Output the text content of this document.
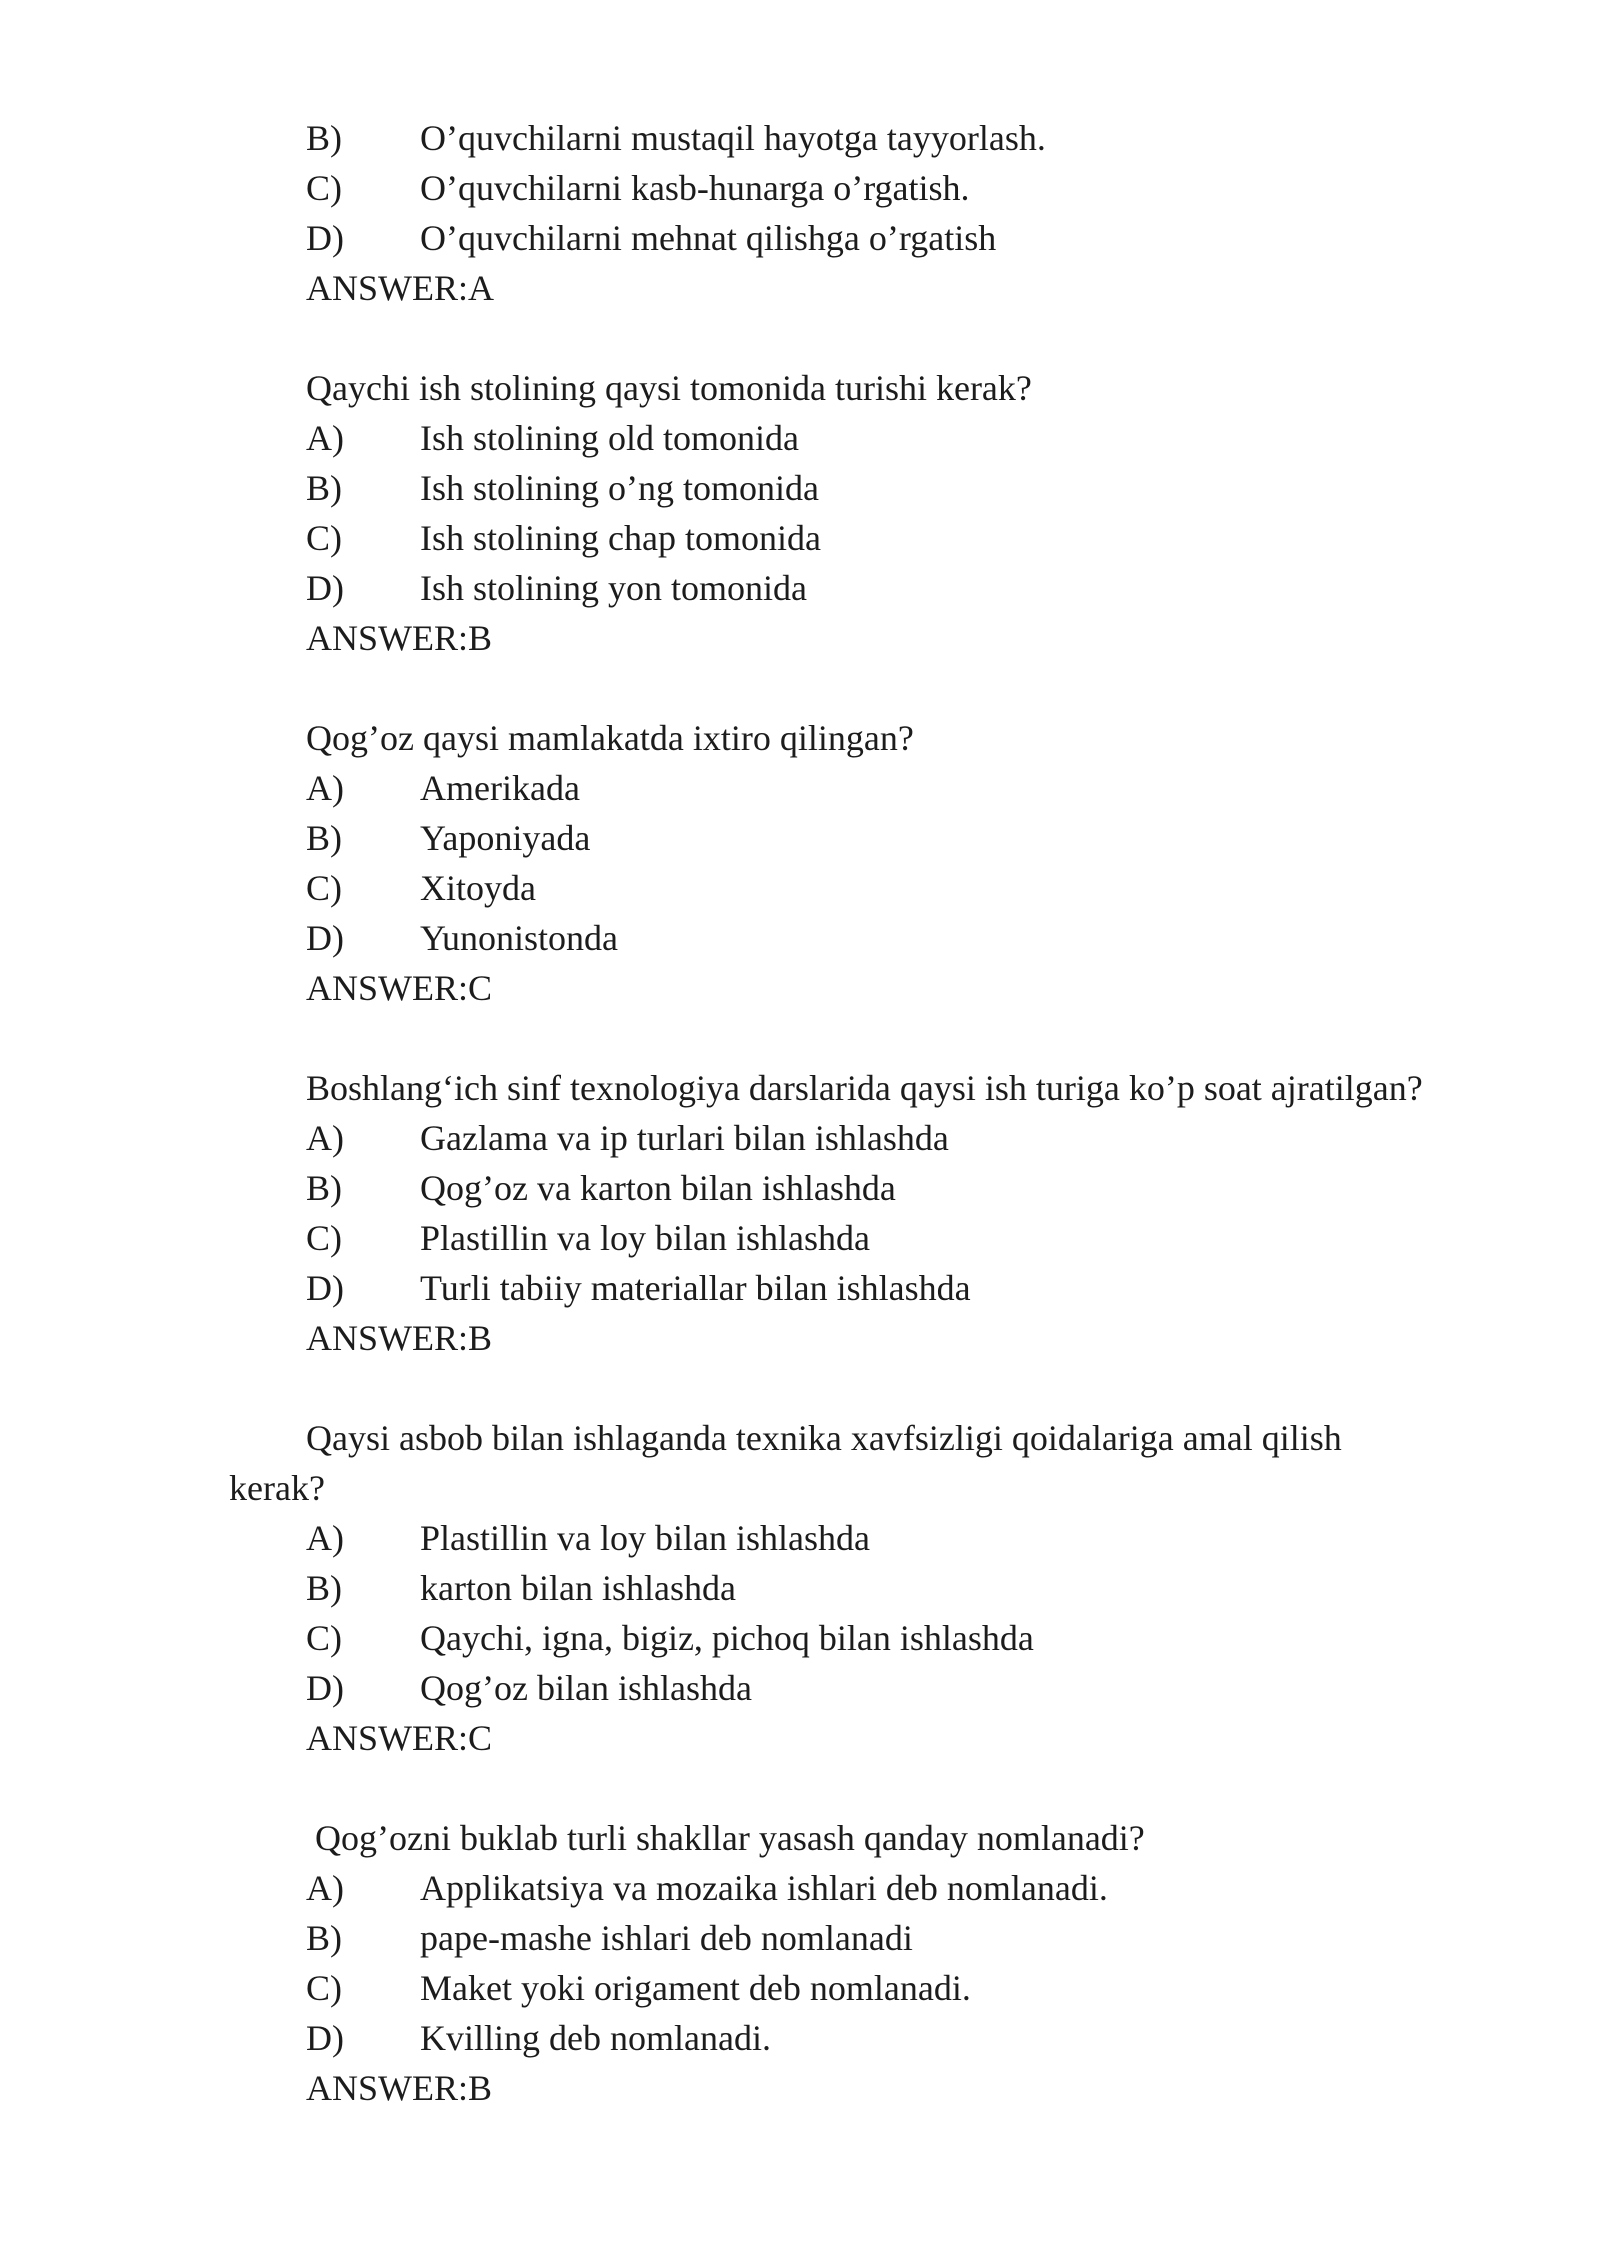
B) O’quvchilarni mustaqil hayotga tayyorlash.
C) O’quvchilarni kasb-hunarga o’rgatish.
D) O’quvchilarni mehnat qilishga o’rgatish
ANSWER:A
Qaychi ish stolining qaysi tomonida turishi kerak?
A) Ish stolining old tomonida
B) Ish stolining o’ng tomonida
C) Ish stolining chap tomonida
D) Ish stolining yon tomonida
ANSWER:B
Qog’oz qaysi mamlakatda ixtiro qilingan?
A) Amerikada
B) Yaponiyada
C) Xitoyda
D) Yunonistonda
ANSWER:C
Boshlang‘ich sinf texnologiya darslarida qaysi ish turiga ko’p soat ajratilgan?
A) Gazlama va ip turlari bilan ishlashda
B) Qog’oz va karton bilan ishlashda
C) Plastillin va loy bilan ishlashda
D) Turli tabiiy materiallar bilan ishlashda
ANSWER:B
Qaysi asbob bilan ishlaganda texnika xavfsizligi qoidalariga amal qilish
kerak?
A) Plastillin va loy bilan ishlashda
B) karton bilan ishlashda
C) Qaychi, igna, bigiz, pichoq bilan ishlashda
D) Qog’oz bilan ishlashda
ANSWER:C
Qog’ozni buklab turli shakllar yasash qanday nomlanadi?
A) Applikatsiya va mozaika ishlari deb nomlanadi.
B) pape-mashe ishlari deb nomlanadi
C) Maket yoki origament deb nomlanadi.
D) Kvilling deb nomlanadi.
ANSWER:B
